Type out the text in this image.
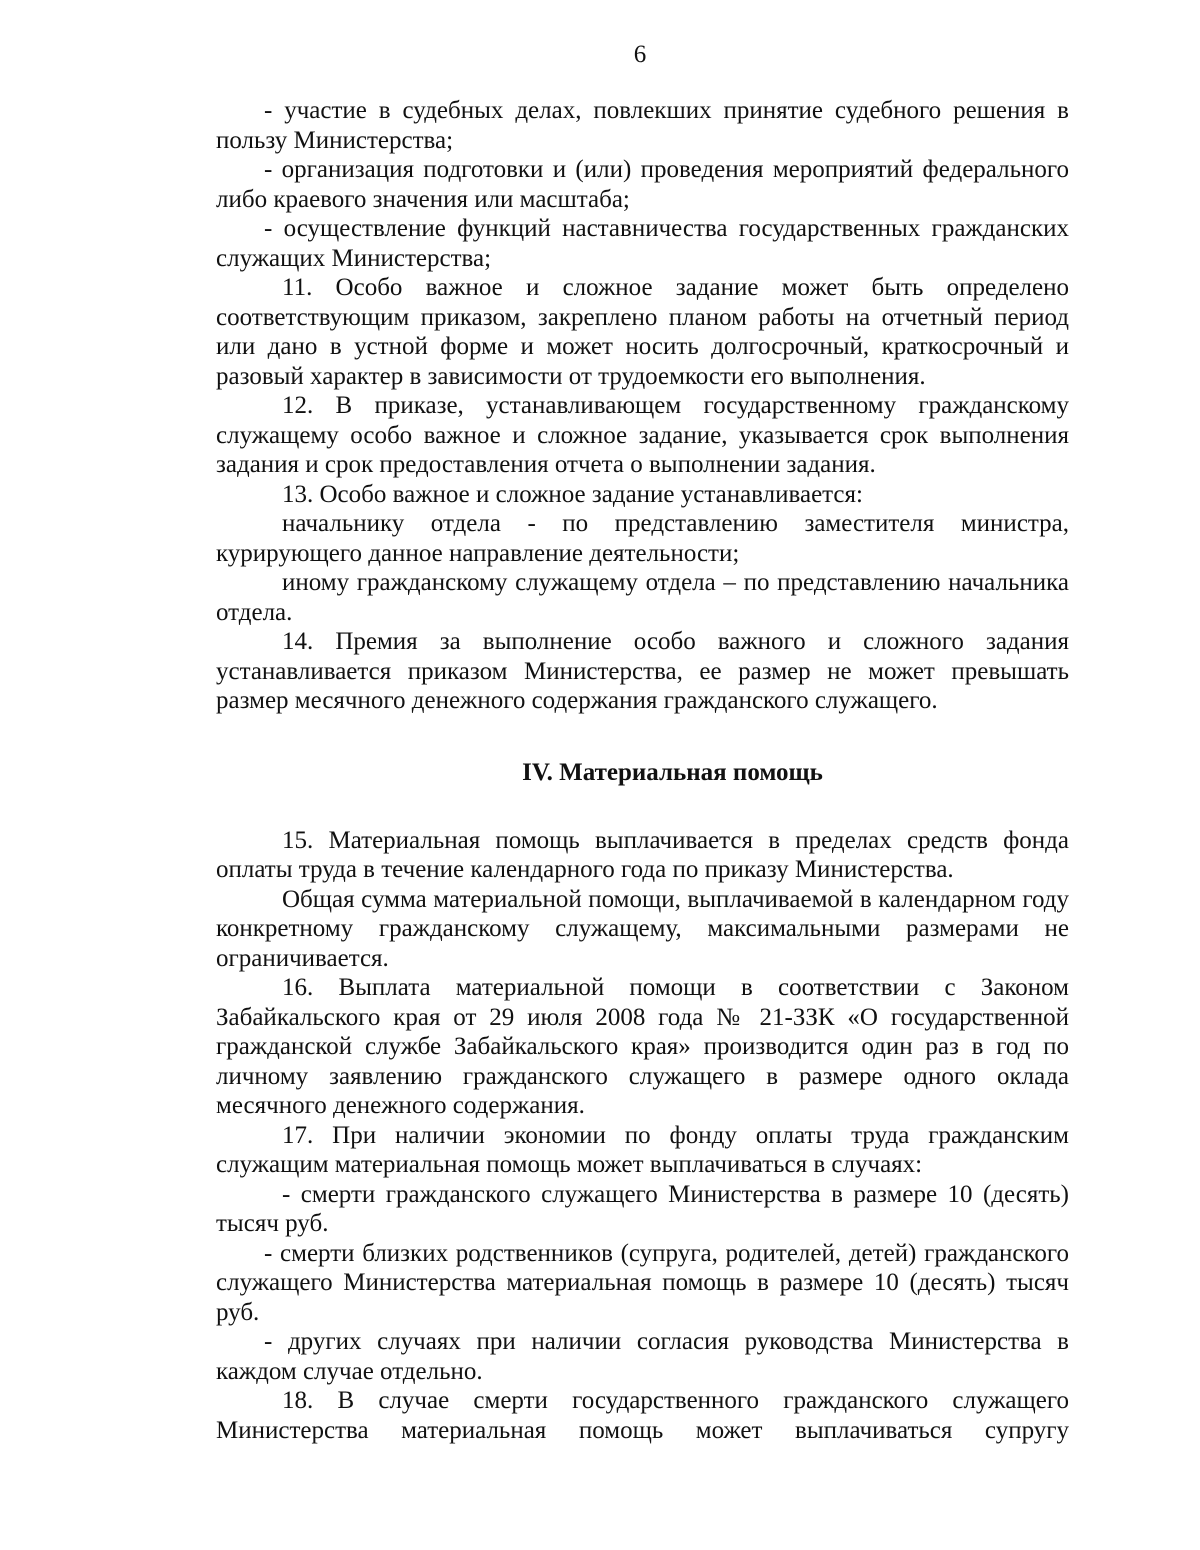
6

- участие в судебных делах, повлекших принятие судебного решения в пользу Министерства;

- организация подготовки и (или) проведения мероприятий федерального либо краевого значения или масштаба;

- осуществление функций наставничества государственных гражданских служащих Министерства;

11. Особо важное и сложное задание может быть определено соответствующим приказом, закреплено планом работы на отчетный период или дано в устной форме и может носить долгосрочный, краткосрочный и разовый характер в зависимости от трудоемкости его выполнения.

12. В приказе, устанавливающем государственному гражданскому служащему особо важное и сложное задание, указывается срок выполнения задания и срок предоставления отчета о выполнении задания.

13. Особо важное и сложное задание устанавливается:

начальнику отдела - по представлению заместителя министра, курирующего данное направление деятельности;

иному гражданскому служащему отдела – по представлению начальника отдела.

14. Премия за выполнение особо важного и сложного задания устанавливается приказом Министерства, ее размер не может превышать размер месячного денежного содержания гражданского служащего.

IV. Материальная помощь

15. Материальная помощь выплачивается в пределах средств фонда оплаты труда в течение календарного года по приказу Министерства.

Общая сумма материальной помощи, выплачиваемой в календарном году конкретному гражданскому служащему, максимальными размерами не ограничивается.

16. Выплата материальной помощи в соответствии с Законом Забайкальского края от 29 июля 2008 года № 21-ЗЗК «О государственной гражданской службе Забайкальского края» производится один раз в год по личному заявлению гражданского служащего в размере одного оклада месячного денежного содержания.

17. При наличии экономии по фонду оплаты труда гражданским служащим материальная помощь может выплачиваться в случаях:

- смерти гражданского служащего Министерства в размере 10 (десять) тысяч руб.

- смерти близких родственников (супруга, родителей, детей) гражданского служащего Министерства материальная помощь в размере 10 (десять) тысяч руб.

- других случаях при наличии согласия руководства Министерства в каждом случае отдельно.

18. В случае смерти государственного гражданского служащего Министерства материальная помощь может выплачиваться супругу
